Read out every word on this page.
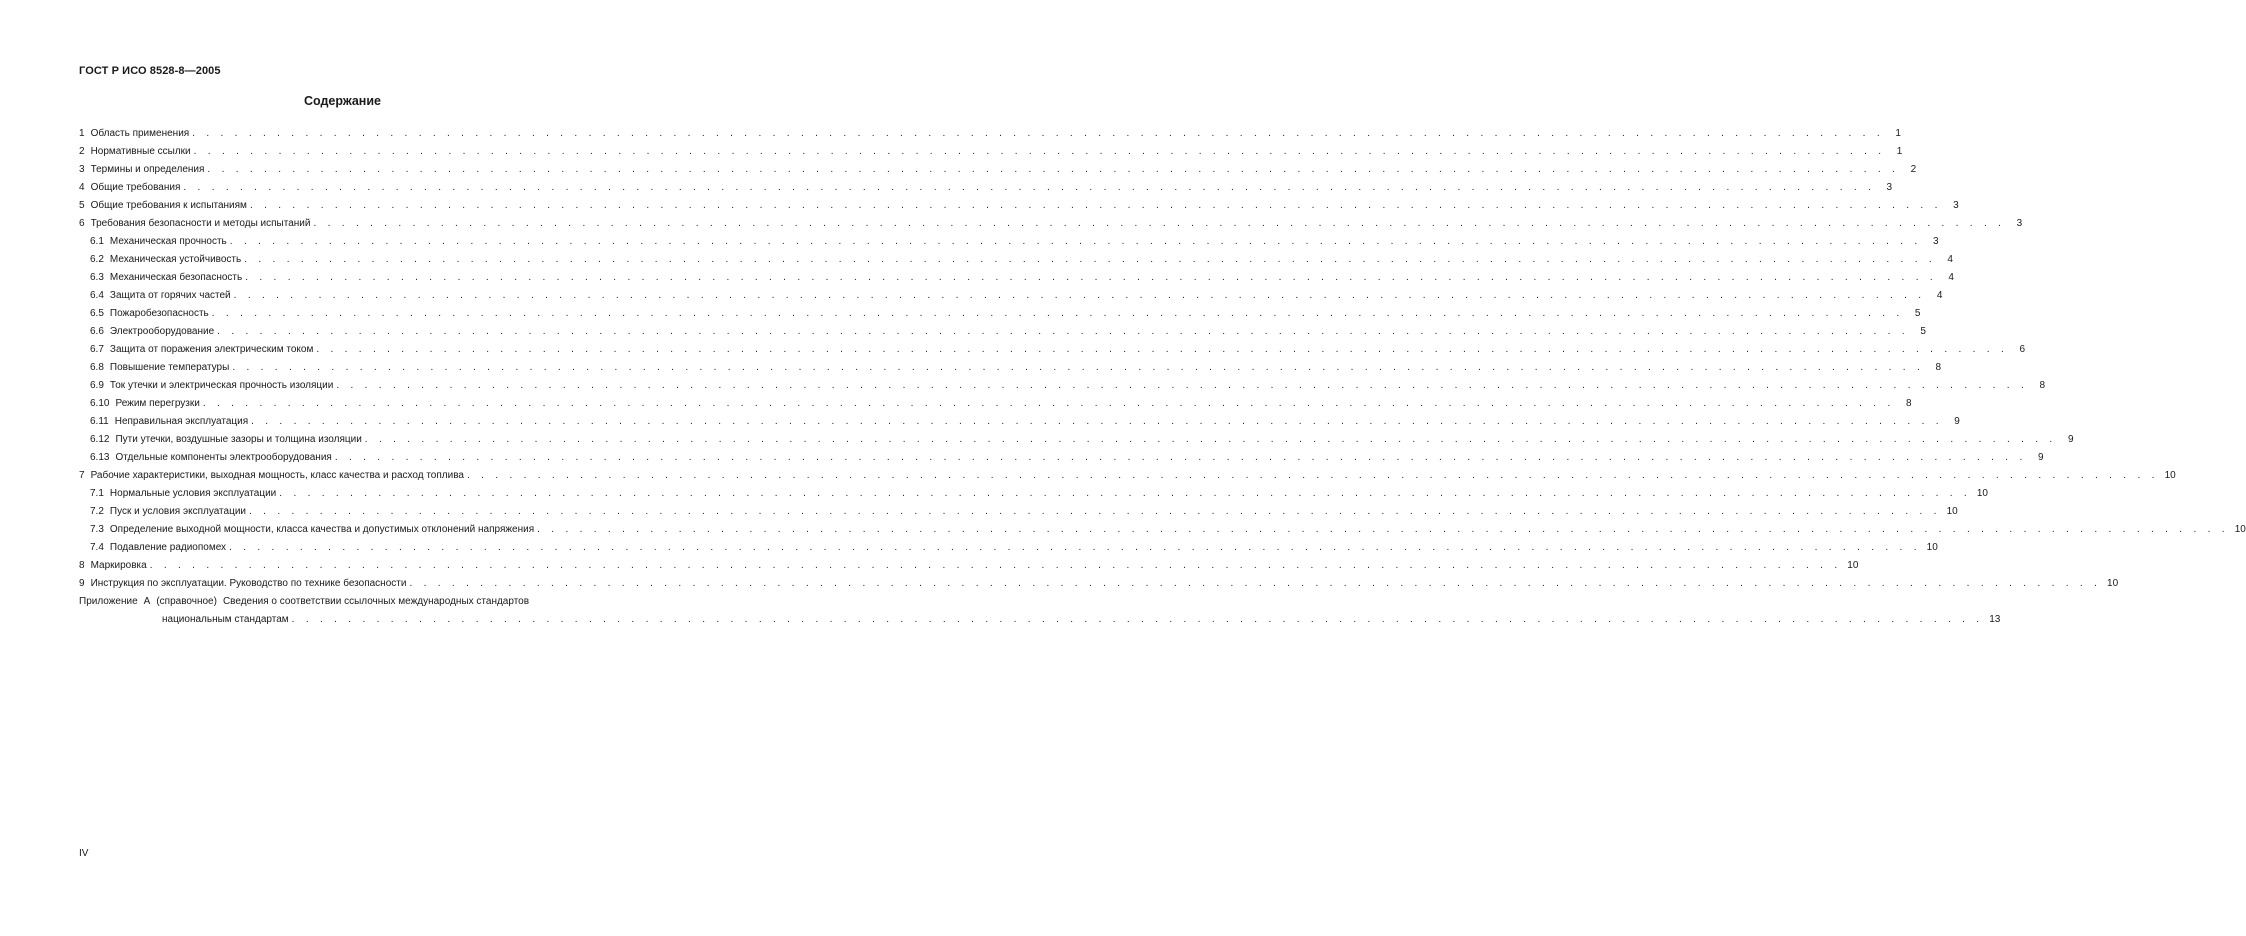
ГОСТ Р ИСО 8528-8—2005
Содержание
1 Область применения . . . . . . . . . . . . . . . . . . . . . . . . . . . . . . . . . . . . . . . . . . . . . . . . . . . . . . . . . . . . . . . . . . . . . . . . . . . . . . . . . . . . . . . . . . . . . . . . . . . . . . . . . . . . . . . . . . . . . . . .	1
2 Нормативные ссылки . . . . . . . . . . . . . . . . . . . . . . . . . . . . . . . . . . . . . . . . . . . . . . . . . . . . . . . . . . . . . . . . . . . . . . . . . . . . . . . . . . . . . . . . . . . . . . . . . . . . . . . . . . . . . . . . . . . . . . . .	1
3 Термины и определения . . . . . . . . . . . . . . . . . . . . . . . . . . . . . . . . . . . . . . . . . . . . . . . . . . . . . . . . . . . . . . . . . . . . . . . . . . . . . . . . . . . . . . . . . . . . . . . . . . . . . . . . . . . . . . . . . . . . . . . .	2
4 Общие требования . . . . . . . . . . . . . . . . . . . . . . . . . . . . . . . . . . . . . . . . . . . . . . . . . . . . . . . . . . . . . . . . . . . . . . . . . . . . . . . . . . . . . . . . . . . . . . . . . . . . . . . . . . . . . . . . . . . . . . . .	3
5 Общие требования к испытаниям . . . . . . . . . . . . . . . . . . . . . . . . . . . . . . . . . . . . . . . . . . . . . . . . . . . . . . . . . . . . . . . . . . . . . . . . . . . . . . . . . . . . . . . . . . . . . . . . . . . . . . . . . . . . . . . . . . . . . . . .	3
6 Требования безопасности и методы испытаний . . . . . . . . . . . . . . . . . . . . . . . . . . . . . . . . . . . . . . . . . . . . . . . . . . . . . . . . . . . . . . . . . . . . . . . . . . . . . . . . . . . . . . . . . . . . . . . . . . . . . . . . . . . . . . . . . . . . . . . .	3
6.1 Механическая прочность . . . . . . . . . . . . . . . . . . . . . . . . . . . . . . . . . . . . . . . . . . . . . . . . . . . . . . . . . . . . . . . . . . . . . . . . . . . . . . . . . . . . . . . . . . . . . . . . . . . . . . . . . . . . . . . . . . . . . . . .	3
6.2 Механическая устойчивость . . . . . . . . . . . . . . . . . . . . . . . . . . . . . . . . . . . . . . . . . . . . . . . . . . . . . . . . . . . . . . . . . . . . . . . . . . . . . . . . . . . . . . . . . . . . . . . . . . . . . . . . . . . . . . . . . . . . . . . .	4
6.3 Механическая безопасность . . . . . . . . . . . . . . . . . . . . . . . . . . . . . . . . . . . . . . . . . . . . . . . . . . . . . . . . . . . . . . . . . . . . . . . . . . . . . . . . . . . . . . . . . . . . . . . . . . . . . . . . . . . . . . . . . . . . . . . .	4
6.4 Защита от горячих частей . . . . . . . . . . . . . . . . . . . . . . . . . . . . . . . . . . . . . . . . . . . . . . . . . . . . . . . . . . . . . . . . . . . . . . . . . . . . . . . . . . . . . . . . . . . . . . . . . . . . . . . . . . . . . . . . . . . . . . . .	4
6.5 Пожаробезопасность . . . . . . . . . . . . . . . . . . . . . . . . . . . . . . . . . . . . . . . . . . . . . . . . . . . . . . . . . . . . . . . . . . . . . . . . . . . . . . . . . . . . . . . . . . . . . . . . . . . . . . . . . . . . . . . . . . . . . . . .	5
6.6 Электрооборудование . . . . . . . . . . . . . . . . . . . . . . . . . . . . . . . . . . . . . . . . . . . . . . . . . . . . . . . . . . . . . . . . . . . . . . . . . . . . . . . . . . . . . . . . . . . . . . . . . . . . . . . . . . . . . . . . . . . . . . . .	5
6.7 Защита от поражения электрическим током . . . . . . . . . . . . . . . . . . . . . . . . . . . . . . . . . . . . . . . . . . . . . . . . . . . . . . . . . . . . . . . . . . . . . . . . . . . . . . . . . . . . . . . . . . . . . . . . . . . . . . . . . . . . . . . . . . . . . . . .	6
6.8 Повышение температуры . . . . . . . . . . . . . . . . . . . . . . . . . . . . . . . . . . . . . . . . . . . . . . . . . . . . . . . . . . . . . . . . . . . . . . . . . . . . . . . . . . . . . . . . . . . . . . . . . . . . . . . . . . . . . . . . . . . . . . . .	8
6.9 Ток утечки и электрическая прочность изоляции . . . . . . . . . . . . . . . . . . . . . . . . . . . . . . . . . . . . . . . . . . . . . . . . . . . . . . . . . . . . . . . . . . . . . . . . . . . . . . . . . . . . . . . . . . . . . . . . . . . . . . . . . . . . . . . . . . . . . . . .	8
6.10 Режим перегрузки . . . . . . . . . . . . . . . . . . . . . . . . . . . . . . . . . . . . . . . . . . . . . . . . . . . . . . . . . . . . . . . . . . . . . . . . . . . . . . . . . . . . . . . . . . . . . . . . . . . . . . . . . . . . . . . . . . . . . . . .	8
6.11 Неправильная эксплуатация . . . . . . . . . . . . . . . . . . . . . . . . . . . . . . . . . . . . . . . . . . . . . . . . . . . . . . . . . . . . . . . . . . . . . . . . . . . . . . . . . . . . . . . . . . . . . . . . . . . . . . . . . . . . . . . . . . . . . . . .	9
6.12 Пути утечки, воздушные зазоры и толщина изоляции . . . . . . . . . . . . . . . . . . . . . . . . . . . . . . . . . . . . . . . . . . . . . . . . . . . . . . . . . . . . . . . . . . . . . . . . . . . . . . . . . . . . . . . . . . . . . . . . . . . . . . . . . . . . . . . . . . . . . . . .	9
6.13 Отдельные компоненты электрооборудования . . . . . . . . . . . . . . . . . . . . . . . . . . . . . . . . . . . . . . . . . . . . . . . . . . . . . . . . . . . . . . . . . . . . . . . . . . . . . . . . . . . . . . . . . . . . . . . . . . . . . . . . . . . . . . . . . . . . . . . .	9
7 Рабочие характеристики, выходная мощность, класс качества и расход топлива . . . . . . . . . . . . . . . . . . . . . . . . . . . . . . . . . . . . . . . . . . . . . . . . . . . . . . . . . . . . . . . . . . . . . . . . . . . . . . . . . . . . . . . . . . . . . . . . . . . . . . . . . . . . . . . . . . . . . . . . 10
7.1 Нормальные условия эксплуатации . . . . . . . . . . . . . . . . . . . . . . . . . . . . . . . . . . . . . . . . . . . . . . . . . . . . . . . . . . . . . . . . . . . . . . . . . . . . . . . . . . . . . . . . . . . . . . . . . . . . . . . . . . . . . . . . . . . . . . . . 10
7.2 Пуск и условия эксплуатации . . . . . . . . . . . . . . . . . . . . . . . . . . . . . . . . . . . . . . . . . . . . . . . . . . . . . . . . . . . . . . . . . . . . . . . . . . . . . . . . . . . . . . . . . . . . . . . . . . . . . . . . . . . . . . . . . . . . . . . . 10
7.3 Определение выходной мощности, класса качества и допустимых отклонений напряжения . . . . . . . . . . . . . . . . . . . . . . . . . . . . . . . . . . . . . . . . . . . . . . . . . . . . . . . . . . . . . . . . . . . . . . . . . . . . . . . . . . . . . . . . . . . . . . . . . . . . . . . . . . . . . . . . . . . . . . . . 10
7.4 Подавление радиопомех . . . . . . . . . . . . . . . . . . . . . . . . . . . . . . . . . . . . . . . . . . . . . . . . . . . . . . . . . . . . . . . . . . . . . . . . . . . . . . . . . . . . . . . . . . . . . . . . . . . . . . . . . . . . . . . . . . . . . . . . 10
8 Маркировка . . . . . . . . . . . . . . . . . . . . . . . . . . . . . . . . . . . . . . . . . . . . . . . . . . . . . . . . . . . . . . . . . . . . . . . . . . . . . . . . . . . . . . . . . . . . . . . . . . . . . . . . . . . . . . . . . . . . . . . . 10
9 Инструкция по эксплуатации. Руководство по технике безопасности . . . . . . . . . . . . . . . . . . . . . . . . . . . . . . . . . . . . . . . . . . . . . . . . . . . . . . . . . . . . . . . . . . . . . . . . . . . . . . . . . . . . . . . . . . . . . . . . . . . . . . . . . . . . . . . . . . . . . . . . 10
Приложение А (справочное) Сведения о соответствии ссылочных международных стандартов
национальным стандартам . . . . . . . . . . . . . . . . . . . . . . . . . . . . . . . . . . . . . . . . . . . . . . . . . . . . . . . . . . . . . . . . . . . . . . . . . . . . . . . . . . . . . . . . . . . . . . . . . . . . . . . . . . . . . . . . . . . . . . . . 13
IV
